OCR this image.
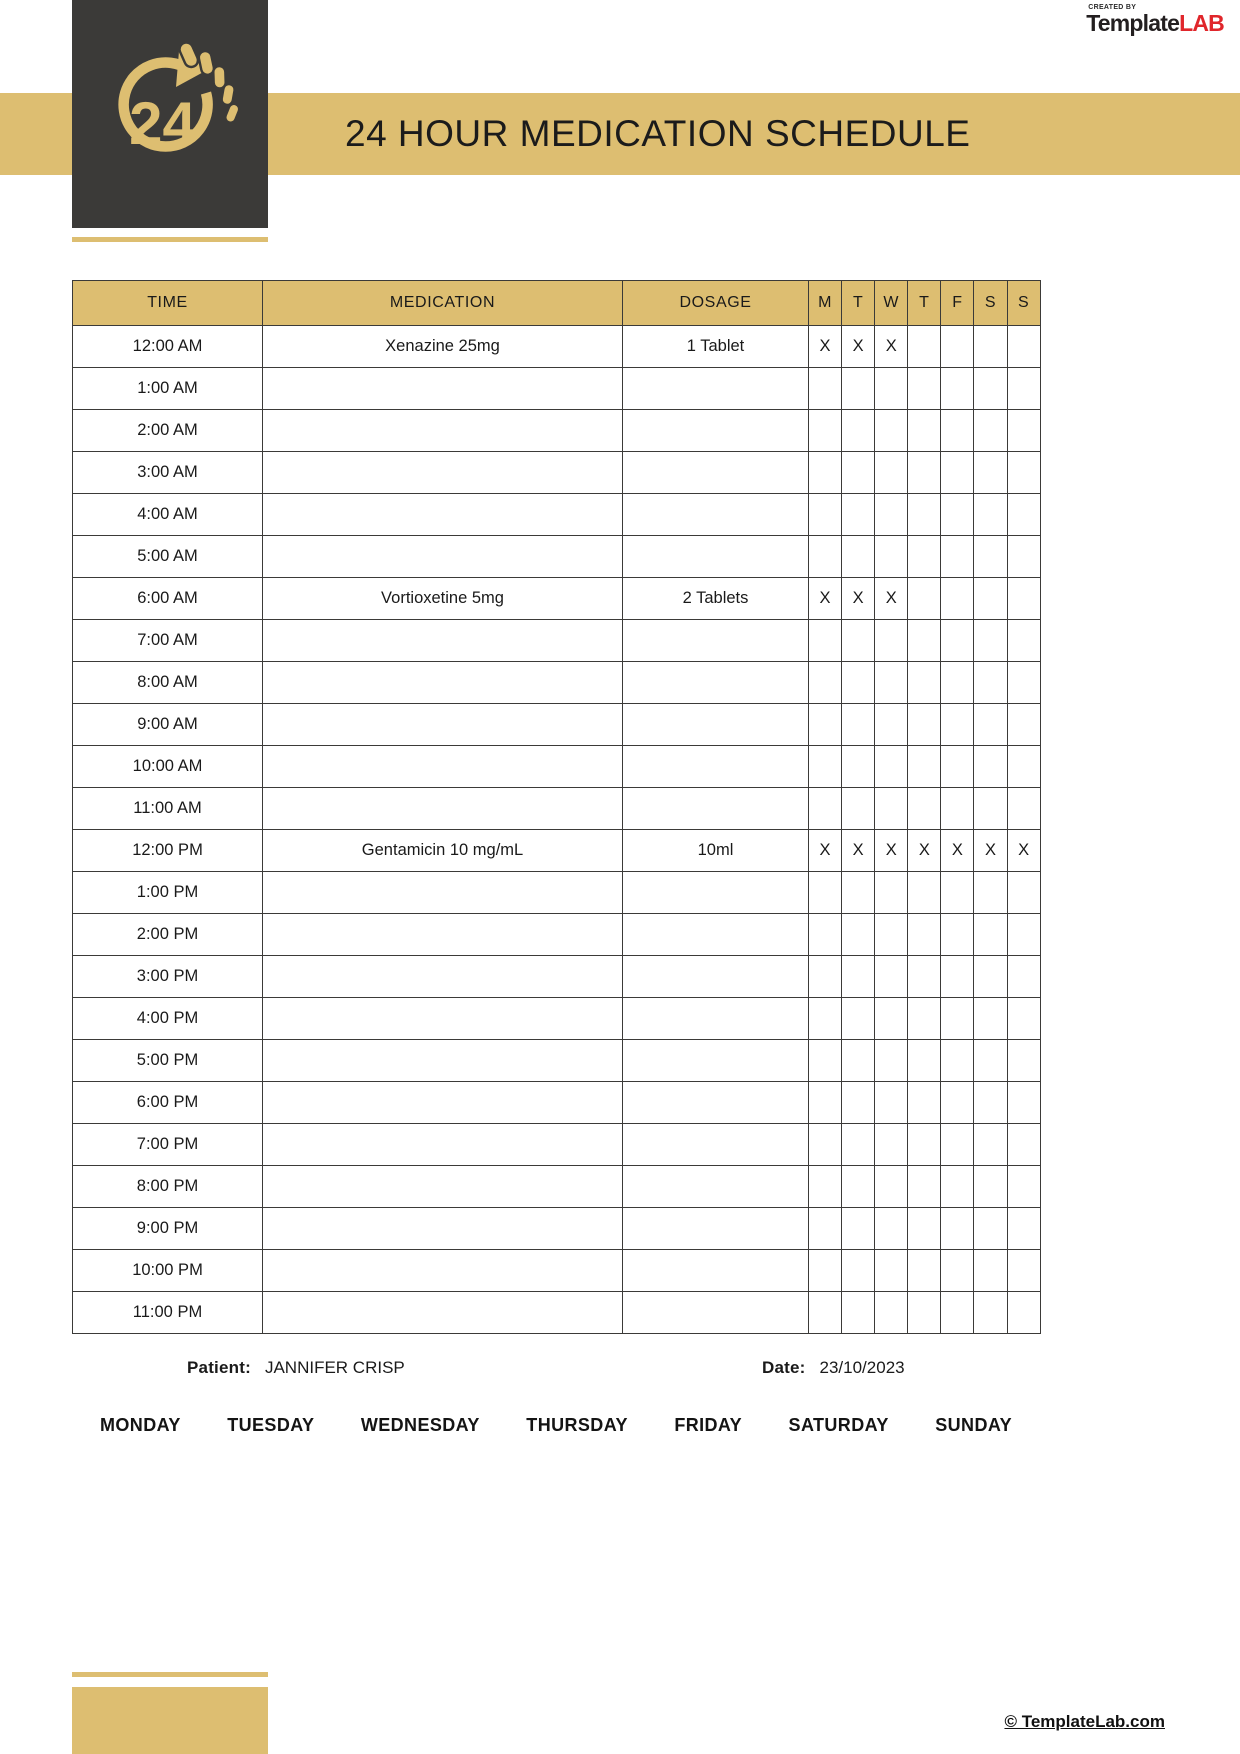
24	24 HOUR MEDICATION SCHEDULE
CREATED BY
TemplateLAB
TIME	MEDICATION	DOSAGE	M	T	W	T	F	S	S
12:00 AM	Xenazine 25mg	1 Tablet	X	X	X				
1:00 AM									
2:00 AM									
3:00 AM									
4:00 AM									
5:00 AM									
6:00 AM	Vortioxetine 5mg	2 Tablets	X	X	X				
7:00 AM									
8:00 AM									
9:00 AM									
10:00 AM									
11:00 AM									
12:00 PM	Gentamicin 10 mg/mL	10ml	X	X	X	X	X	X	X
1:00 PM									
2:00 PM									
3:00 PM									
4:00 PM									
5:00 PM									
6:00 PM									
7:00 PM									
8:00 PM									
9:00 PM									
10:00 PM									
11:00 PM									
Patient: JANNIFER CRISP	Date: 23/10/2023
MONDAY	TUESDAY	WEDNESDAY	THURSDAY	FRIDAY	SATURDAY	SUNDAY
© TemplateLab.com
